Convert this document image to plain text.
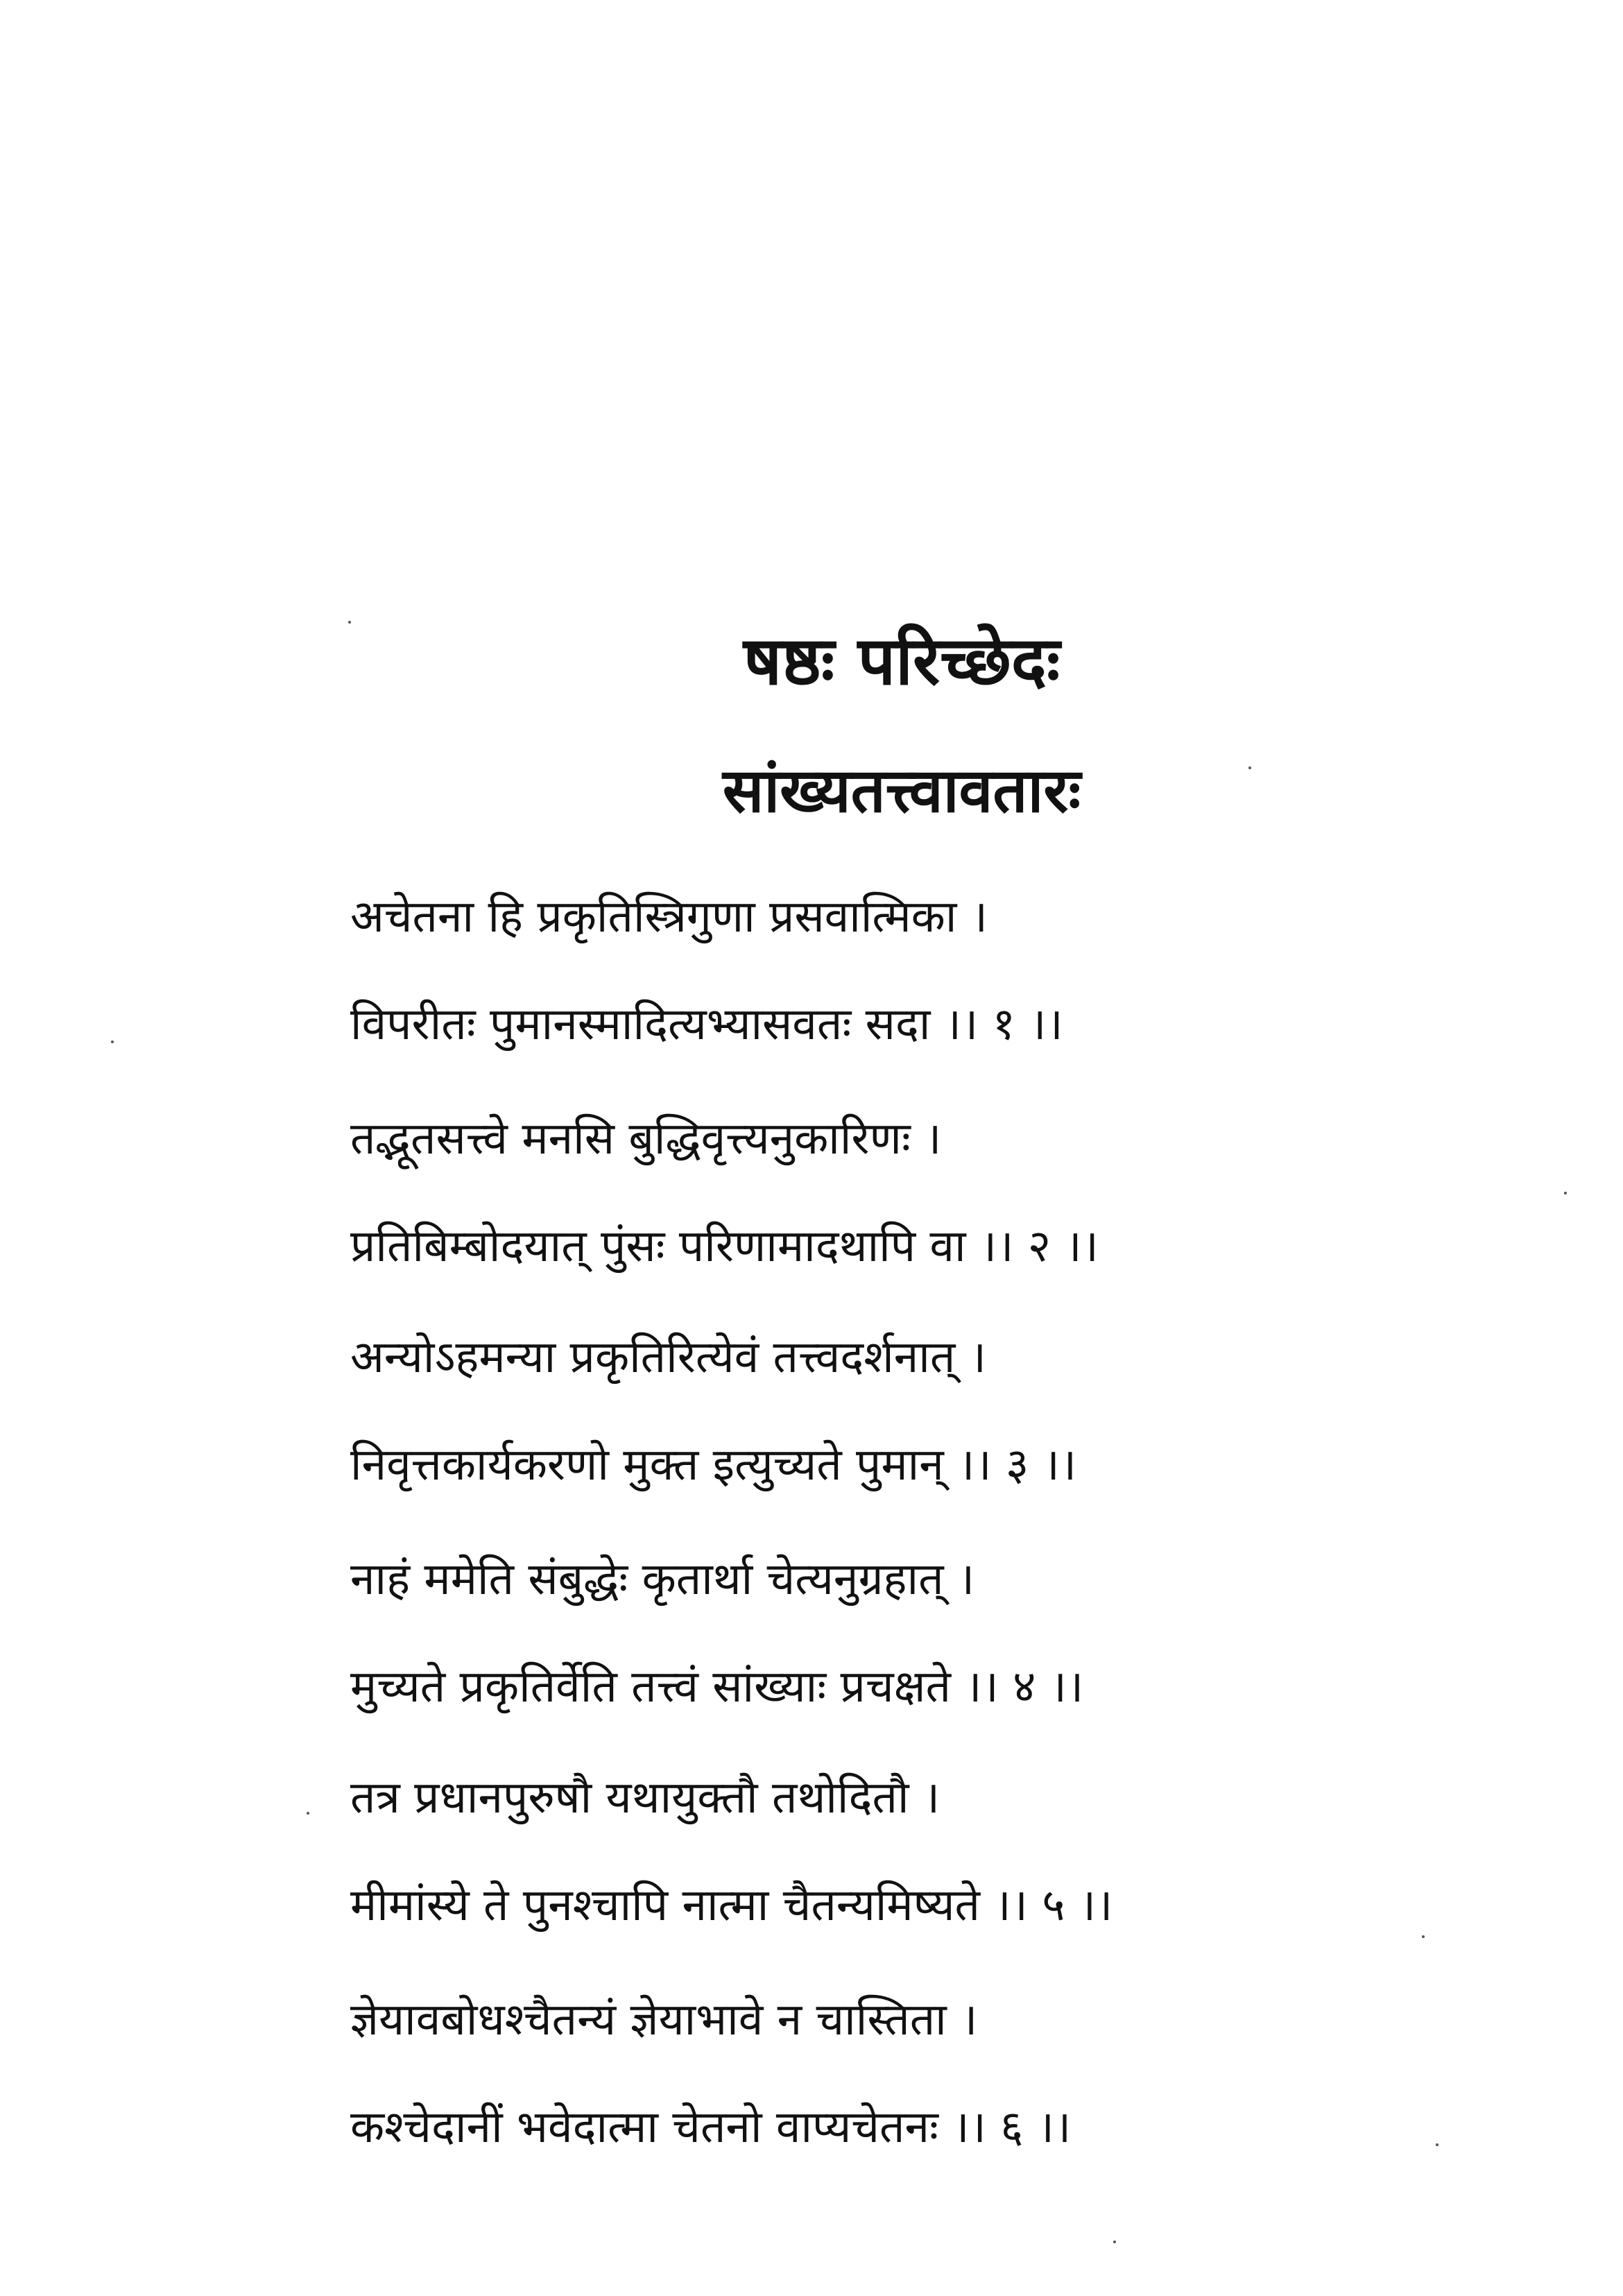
षष्ठः परिच्छेदः
सांख्यतत्त्वावतारः
अचेतना हि प्रकृतिस्त्रिगुणा प्रसवात्मिका ।
विपरीतः पुमानस्मादित्यभ्यासवतः सदा ।। १ ।।
तद्भूतसत्त्वे मनसि बुद्धिवृत्त्यनुकारिणः ।
प्रतिबिम्बोदयात् पुंसः परिणामादथापि वा ।। २ ।।
अन्योऽहमन्या प्रकृतिरित्येवं तत्त्वदर्शनात् ।
निवृत्तकार्यकरणो मुक्त इत्युच्यते पुमान् ।। ३ ।।
नाहं ममेति संबुद्धेः कृतार्था चेत्यनुग्रहात् ।
मुच्यते प्रकृतिर्वेति तत्त्वं सांख्याः प्रचक्षते ।। ४ ।।
तत्र प्रधानपुरुषौ यथायुक्तौ तथोदितौ ।
मीमांस्ये ते पुनश्चापि नात्मा चैतन्यमिष्यते ।। ५ ।।
ज्ञेयावबोधश्चैतन्यं ज्ञेयाभावे न चास्तिता ।
कश्चेदानीं भवेदात्मा चेतनो वाप्यचेतनः ।। ६ ।।
